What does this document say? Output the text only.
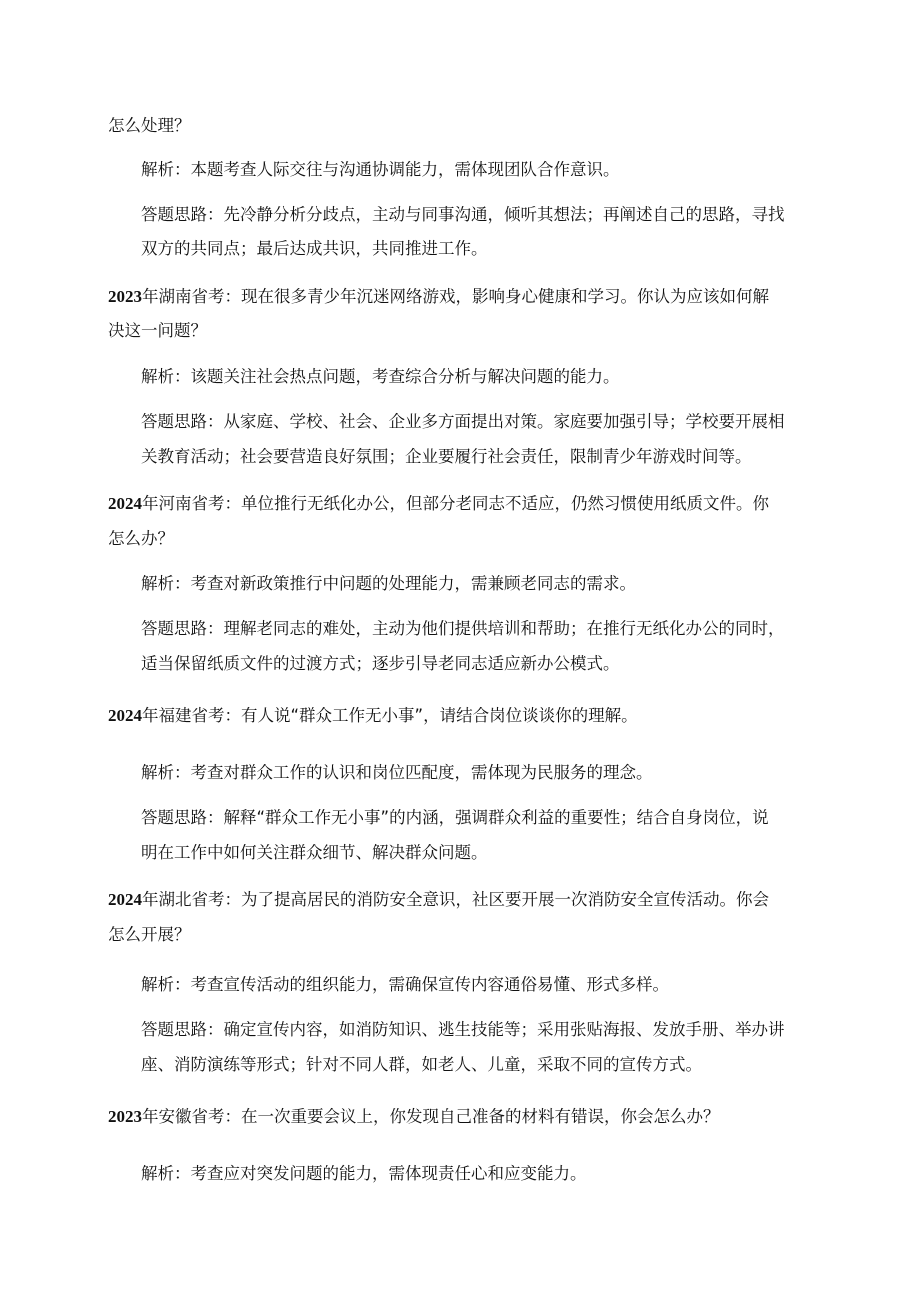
怎么处理？
解析：本题考查人际交往与沟通协调能力，需体现团队合作意识。
答题思路：先冷静分析分歧点，主动与同事沟通，倾听其想法；再阐述自己的思路，寻找
双方的共同点；最后达成共识，共同推进工作。
2023年湖南省考：现在很多青少年沉迷网络游戏，影响身心健康和学习。你认为应该如何解
决这一问题？
解析：该题关注社会热点问题，考查综合分析与解决问题的能力。
答题思路：从家庭、学校、社会、企业多方面提出对策。家庭要加强引导；学校要开展相
关教育活动；社会要营造良好氛围；企业要履行社会责任，限制青少年游戏时间等。
2024年河南省考：单位推行无纸化办公，但部分老同志不适应，仍然习惯使用纸质文件。你
怎么办？
解析：考查对新政策推行中问题的处理能力，需兼顾老同志的需求。
答题思路：理解老同志的难处，主动为他们提供培训和帮助；在推行无纸化办公的同时，
适当保留纸质文件的过渡方式；逐步引导老同志适应新办公模式。
2024年福建省考：有人说“群众工作无小事”，请结合岗位谈谈你的理解。
解析：考查对群众工作的认识和岗位匹配度，需体现为民服务的理念。
答题思路：解释“群众工作无小事”的内涵，强调群众利益的重要性；结合自身岗位，说
明在工作中如何关注群众细节、解决群众问题。
2024年湖北省考：为了提高居民的消防安全意识，社区要开展一次消防安全宣传活动。你会
怎么开展？
解析：考查宣传活动的组织能力，需确保宣传内容通俗易懂、形式多样。
答题思路：确定宣传内容，如消防知识、逃生技能等；采用张贴海报、发放手册、举办讲
座、消防演练等形式；针对不同人群，如老人、儿童，采取不同的宣传方式。
2023年安徽省考：在一次重要会议上，你发现自己准备的材料有错误，你会怎么办？
解析：考查应对突发问题的能力，需体现责任心和应变能力。
